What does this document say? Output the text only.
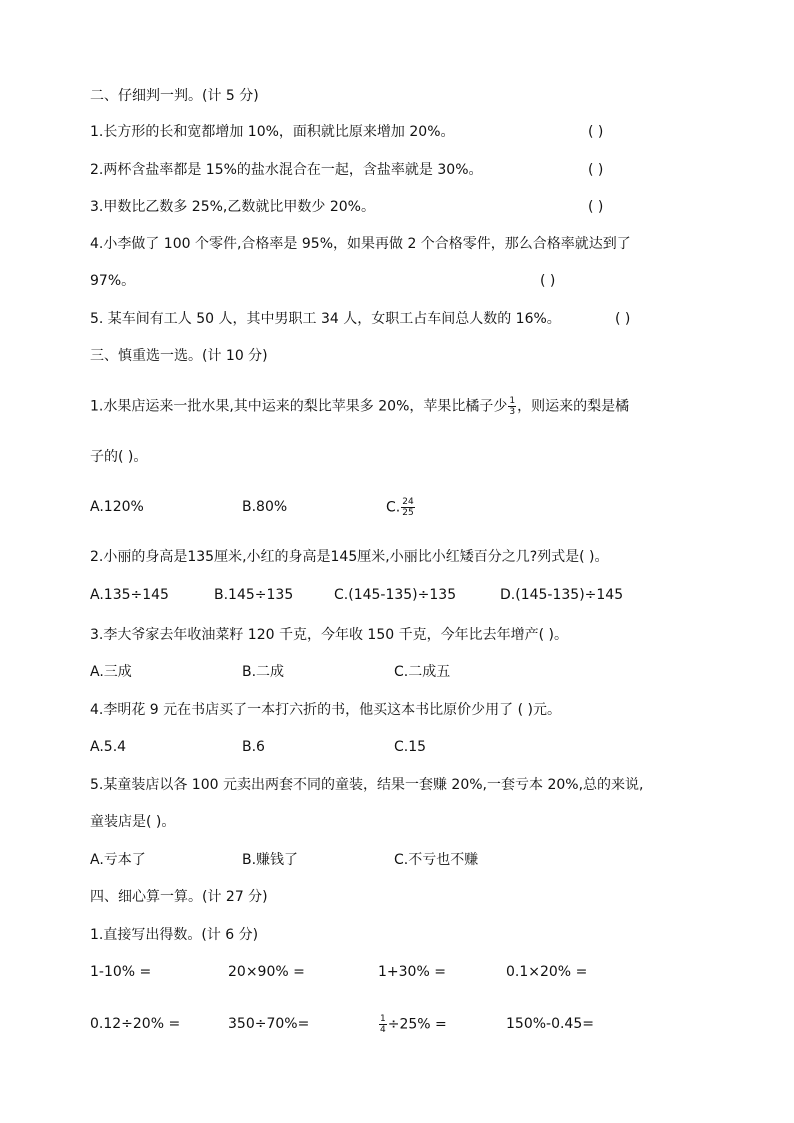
二、仔细判一判。(计 5 分)
1.长方形的长和宽都增加 10%，面积就比原来增加 20%。	( )
2.两杯含盐率都是 15%的盐水混合在一起，含盐率就是 30%。	( )
3.甲数比乙数多 25%,乙数就比甲数少 20%。	( )
4.小李做了 100 个零件,合格率是 95%，如果再做 2 个合格零件，那么合格率就达到了
97%。	( )
5. 某车间有工人 50 人，其中男职工 34 人，女职工占车间总人数的 16%。	( )
三、慎重选一选。(计 10 分)
1.水果店运来一批水果,其中运来的梨比苹果多 20%，苹果比橘子少 $\frac{1}{3}$ ，则运来的梨是橘
子的( )。
A.120%	B.80%	C. $\frac{24}{25}$
2.小丽的身高是135厘米,小红的身高是145厘米,小丽比小红矮百分之几?列式是( )。
A.135÷145	B.145÷135	C.(145-135)÷135	D.(145-135)÷145
3.李大爷家去年收油菜籽 120 千克，今年收 150 千克，今年比去年增产( )。
A.三成	B.二成	C.二成五
4.李明花 9 元在书店买了一本打六折的书，他买这本书比原价少用了 ( )元。
A.5.4	B.6	C.15
5.某童装店以各 100 元卖出两套不同的童装，结果一套赚 20%,一套亏本 20%,总的来说,
童装店是( )。
A.亏本了	B.赚钱了	C.不亏也不赚
四、细心算一算。(计 27 分)
1.直接写出得数。(计 6 分)
1-10% =	20×90% =	1+30% =	0.1×20% =
0.12÷20% =	350÷70%=	$\frac{1}{4} \div 25\%$ =	150%-0.45=
